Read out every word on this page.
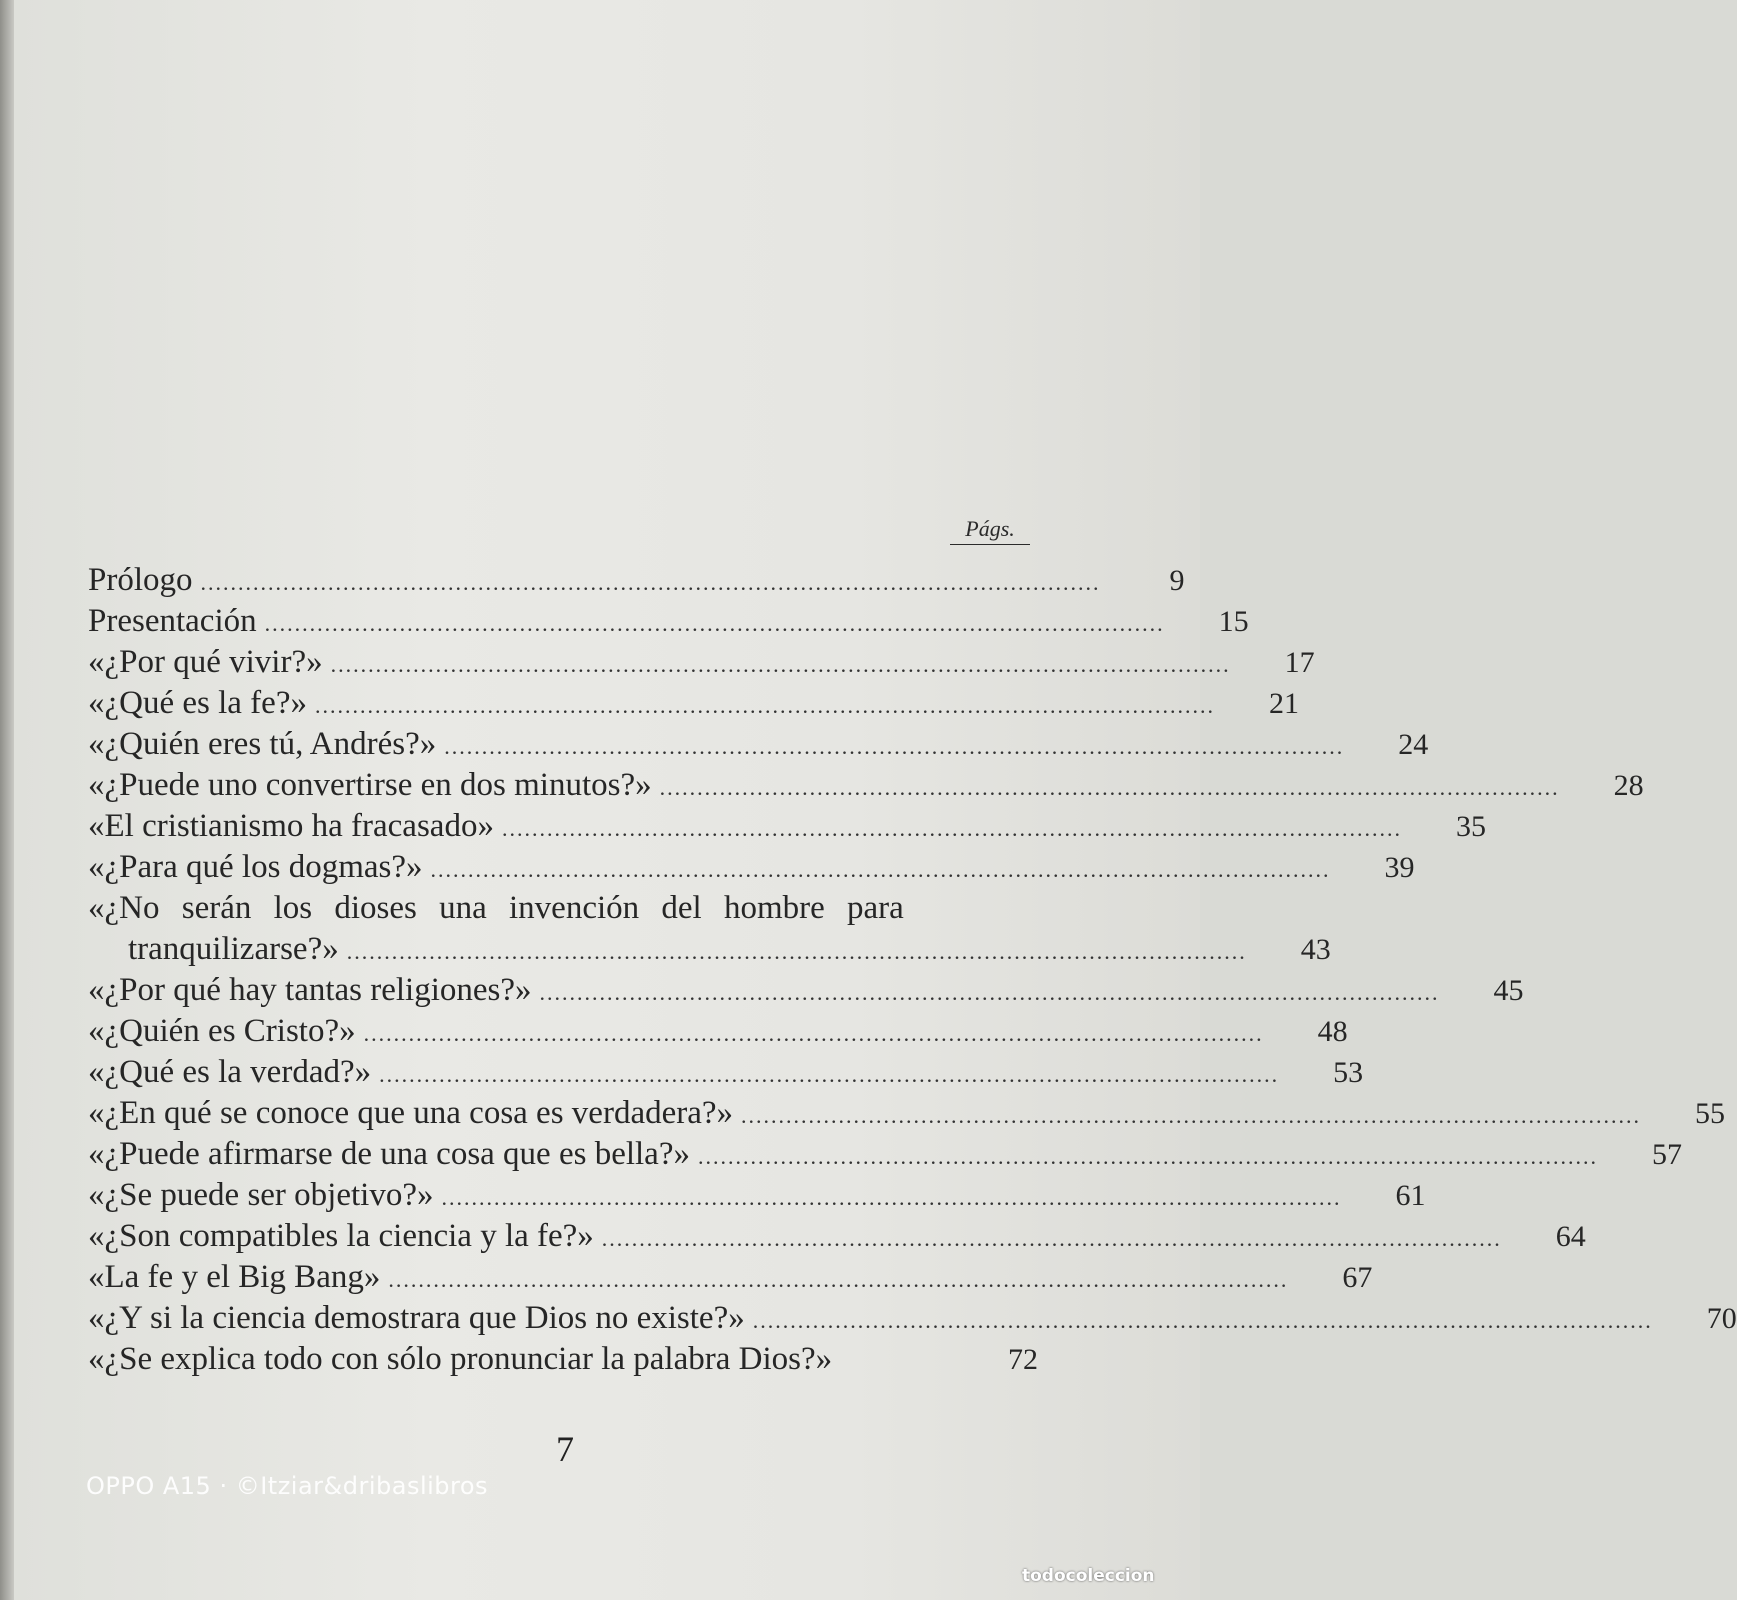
Págs.
Prólogo ........................................................................................................................	9
Presentación ........................................................................................................................	15
«¿Por qué vivir?» ........................................................................................................................	17
«¿Qué es la fe?» ........................................................................................................................	21
«¿Quién eres tú, Andrés?» ........................................................................................................................	24
«¿Puede uno convertirse en dos minutos?» ........................................................................................................................	28
«El cristianismo ha fracasado» ........................................................................................................................	35
«¿Para qué los dogmas?» ........................................................................................................................	39
«¿No serán los dioses una invención del hombre para
tranquilizarse?» ........................................................................................................................	43
«¿Por qué hay tantas religiones?» ........................................................................................................................	45
«¿Quién es Cristo?» ........................................................................................................................	48
«¿Qué es la verdad?» ........................................................................................................................	53
«¿En qué se conoce que una cosa es verdadera?» ........................................................................................................................	55
«¿Puede afirmarse de una cosa que es bella?» ........................................................................................................................	57
«¿Se puede ser objetivo?» ........................................................................................................................	61
«¿Son compatibles la ciencia y la fe?» ........................................................................................................................	64
«La fe y el Big Bang» ........................................................................................................................	67
«¿Y si la ciencia demostrara que Dios no existe?» ........................................................................................................................	70
«¿Se explica todo con sólo pronunciar la palabra Dios?»	72
7
OPPO A15 · ©Itziar&dribaslibros
todocoleccion
